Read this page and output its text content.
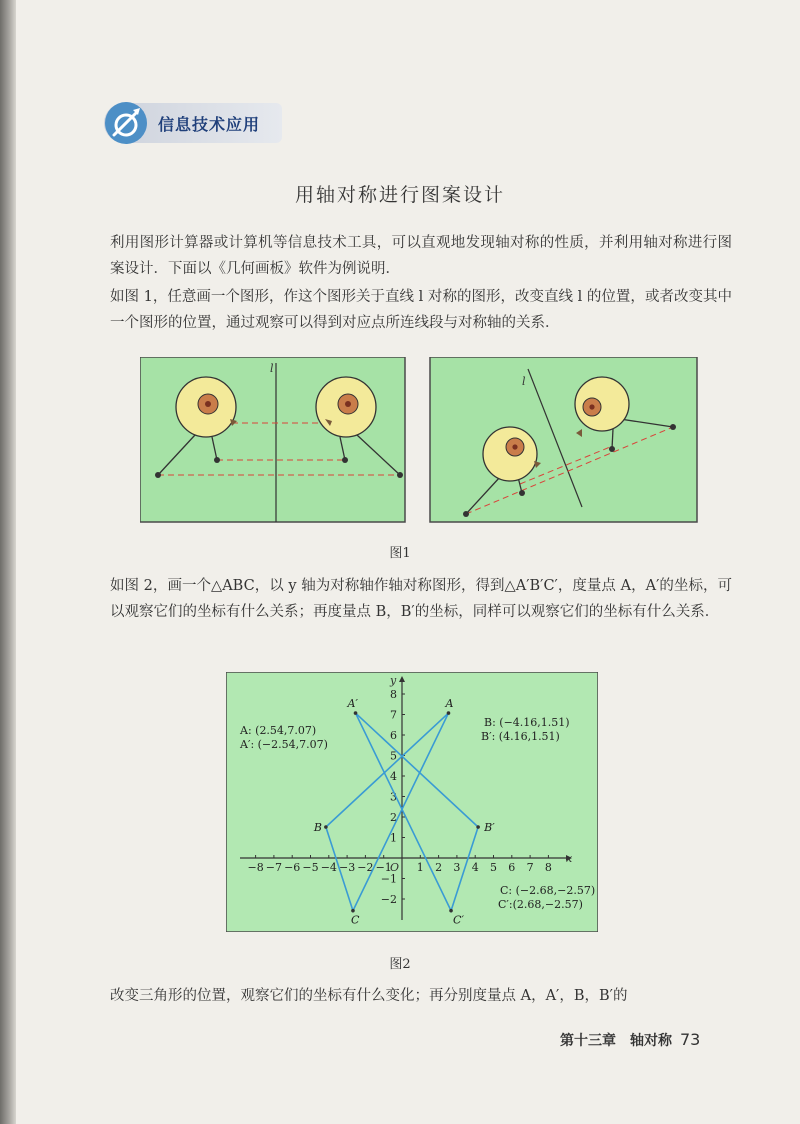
信息技术应用
用轴对称进行图案设计
利用图形计算器或计算机等信息技术工具，可以直观地发现轴对称的性质，并利用轴对称进行图案设计．下面以《几何画板》软件为例说明．
如图 1，任意画一个图形，作这个图形关于直线 l 对称的图形，改变直线 l 的位置，或者改变其中一个图形的位置，通过观察可以得到对应点所连线段与对称轴的关系．
l
l
图1
如图 2，画一个△ABC，以 y 轴为对称轴作轴对称图形，得到△A′B′C′，度量点 A，A′的坐标，可以观察它们的坐标有什么关系；再度量点 B，B′的坐标，同样可以观察它们的坐标有什么关系．
−8 −7 −6 −5 −4 −3 −2 −1 1 2 3 4 5 6 7 8
−2
−1
1
2
3
4
5
6
7
8
A
A′
B	B′
C	C′
x
y
O
A: (2.54,7.07)
A′: (−2.54,7.07)
B: (−4.16,1.51)
B′: (4.16,1.51)
C: (−2.68,−2.57)
C′:(2.68,−2.57)
图2
改变三角形的位置，观察它们的坐标有什么变化；再分别度量点 A，A′，B，B′的
第十三章　轴对称 73
